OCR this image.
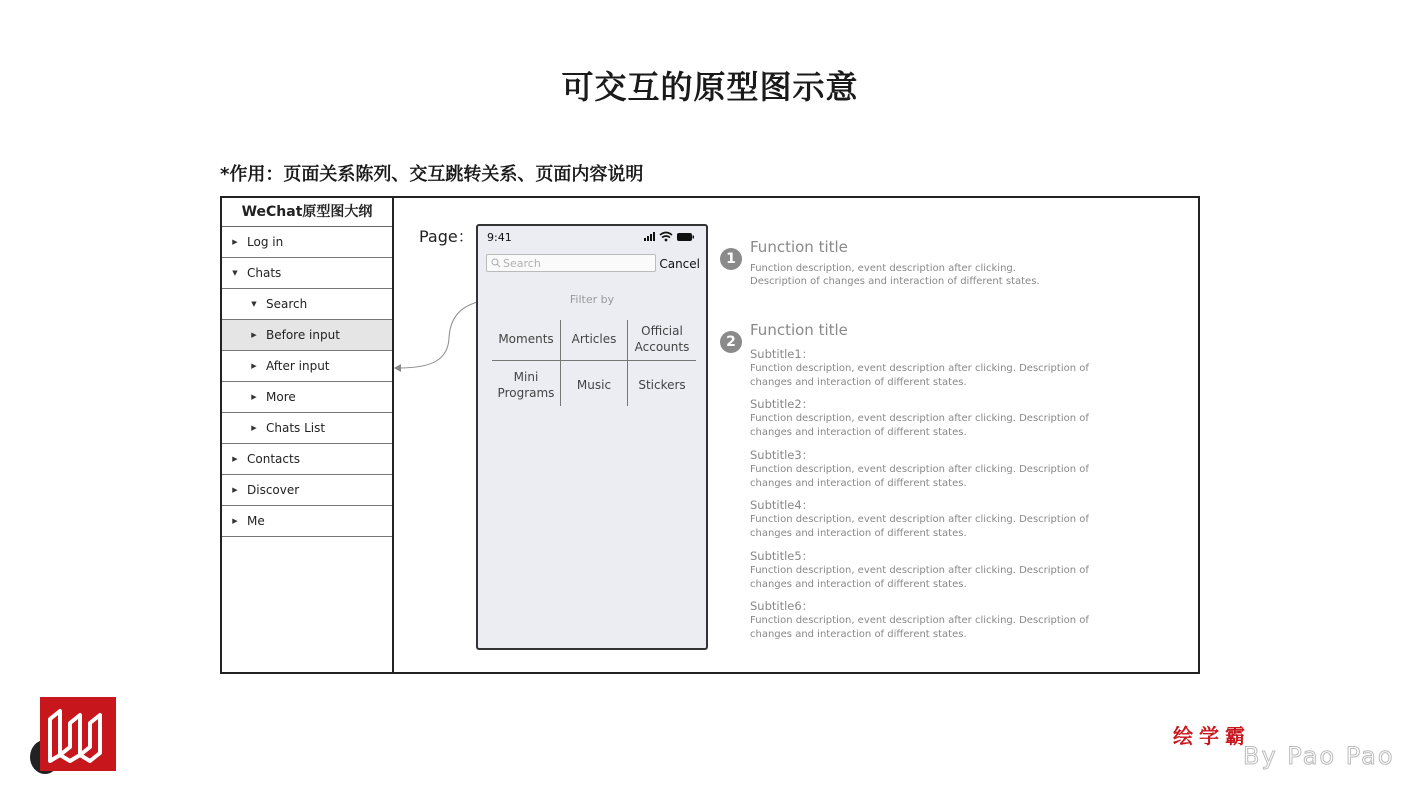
可交互的原型图示意
*作用：页面关系陈列、交互跳转关系、页面内容说明
WeChat原型图大纲
▶ Log in
▼ Chats
▼ Search
▶ Before input
▶ After input
▶ More
▶ Chats List
▶ Contacts
▶ Discover
▶ Me
Page： 9:41
Search
Cancel
Filter by
Moments	Articles
Official Accounts
Mini Programs
Music	Stickers
1
Function title
Function description, event description after clicking.
Description of changes and interaction of different states.
2
Function title
Subtitle1：
Function description, event description after clicking. Description of changes and interaction of different states.
Subtitle2：
Function description, event description after clicking. Description of changes and interaction of different states.
Subtitle3：
Function description, event description after clicking. Description of changes and interaction of different states.
Subtitle4：
Function description, event description after clicking. Description of changes and interaction of different states.
Subtitle5：
Function description, event description after clicking. Description of changes and interaction of different states.
Subtitle6：
Function description, event description after clicking. Description of changes and interaction of different states.
绘学霸
By Pao Pao
